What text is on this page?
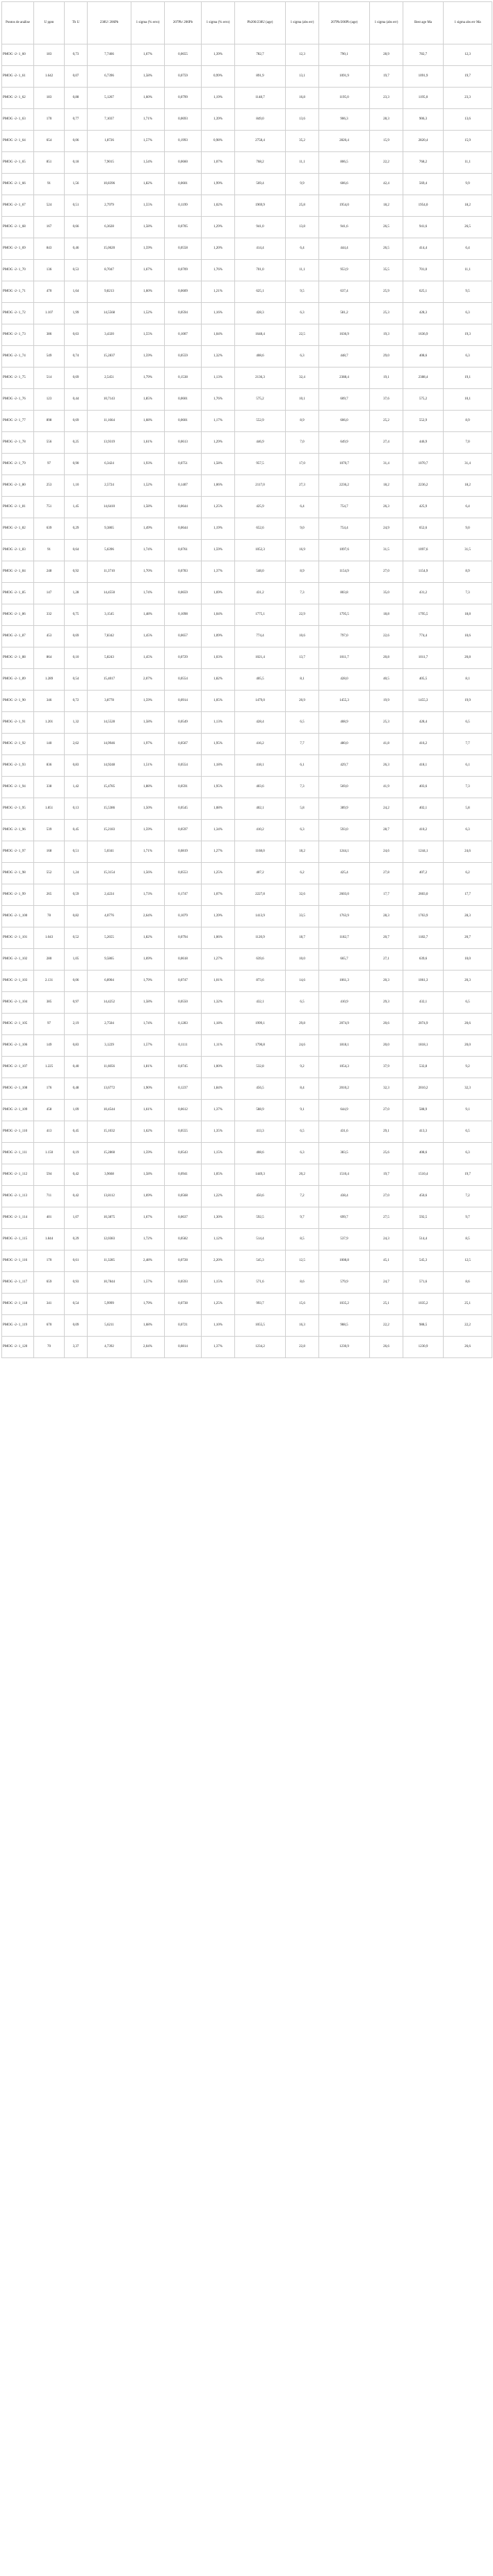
Pontos de análise	U ppm	Th U	238U/ 206Pb	1 sigma (% erro)	207Pb/ 206Pb	1 sigma (% erro)	Pb206/238U (age)	1 sigma (abs err)	207Pb/206Pb (age)	1 sigma (abs err)	Best age Ma	1 sigma abs err Ma
PMOG -2- 1_60	183	0,73	7,7466	1,67%	0,0655	1,39%	782,7	12,3	790,1	28,9	782,7	12,3
PMOG -2- 1_61	1.642	0,07	6,7396	1,58%	0,0759	0,99%	891,9	13,1	1091,9	19,7	1091,9	19,7
PMOG -2- 1_62	183	0,88	5,1267	1,60%	0,0799	1,19%	1148,7	16,8	1195,0	23,3	1195,0	23,3
PMOG -2- 1_63	170	0,77	7,1037	1,71%	0,0693	1,39%	849,0	13,6	906,3	28,3	906,3	13,6
PMOG -2- 1_64	654	0,06	1,8726	1,57%	0,1993	0,98%	2758,4	35,2	2820,4	15,9	2820,4	15,9
PMOG -2- 1_65	851	0,18	7,9015	1,54%	0,0660	1,07%	768,2	11,1	806,5	22,2	768,2	11,1
PMOG -2- 1_66	91	1,56	10,8396	1,82%	0,0601	1,99%	569,4	9,9	606,6	42,4	569,4	9,9
PMOG -2- 1_67	524	0,51	2,7979	1,55%	0,1199	1,02%	1969,9	25,8	1954,0	18,2	1954,0	18,2
PMOG -2- 1_68	167	0,66	6,3628	1,58%	0,0705	1,29%	941,0	13,8	941,6	26,5	941,6	26,5
PMOG -2- 1_69	843	0,46	15,0620	1,59%	0,0558	1,20%	414,4	6,4	444,4	26,5	414,4	6,4
PMOG -2- 1_70	136	0,53	8,7047	1,67%	0,0709	1,76%	701,0	11,1	953,9	35,5	701,0	11,1
PMOG -2- 1_71	470	1,64	9,8213	1,60%	0,0609	1,21%	625,1	9,5	637,4	25,9	625,1	9,5
PMOG -2- 1_72	1.107	1,99	14,5568	1,52%	0,0594	1,16%	428,3	6,3	581,2	25,3	428,3	6,3
PMOG -2- 1_73	386	0,63	3,4320	1,55%	0,1007	1,04%	1648,4	22,5	1636,9	19,3	1636,9	19,3
PMOG -2- 1_74	549	0,74	15,2837	1,59%	0,0559	1,32%	408,6	6,3	448,7	29,0	408,6	6,3
PMOG -2- 1_75	514	0,69	2,5451	1,79%	0,1538	1,13%	2136,3	32,4	2388,4	19,1	2388,4	19,1
PMOG -2- 1_76	123	0,44	10,7143	1,85%	0,0601	1,76%	575,2	10,1	609,7	37,6	575,2	10,1
PMOG -2- 1_77	898	0,69	11,1664	1,68%	0,0601	1,17%	552,9	8,9	606,0	25,2	552,9	8,9
PMOG -2- 1_78	556	0,25	13,9319	1,61%	0,0613	1,29%	446,9	7,0	649,9	27,4	446,9	7,0
PMOG -2- 1_79	97	0,90	6,3424	1,93%	0,0751	1,58%	957,5	17,0	1070,7	31,4	1070,7	31,4
PMOG -2- 1_80	253	1,10	2,5724	1,52%	0,1407	1,06%	2117,0	27,3	2236,2	18,2	2236,2	18,2
PMOG -2- 1_81	751	1,45	14,6410	1,58%	0,0644	1,25%	425,9	6,4	754,7	26,3	425,9	6,4
PMOG -2- 1_82	639	0,29	9,3865	1,49%	0,0644	1,19%	652,6	9,0	754,4	24,9	652,6	9,0
PMOG -2- 1_83	91	0,64	5,6396	1,74%	0,0761	1,59%	1052,3	16,9	1097,6	31,5	1097,6	31,5
PMOG -2- 1_84	248	0,92	11,3710	1,70%	0,0783	1,37%	548,0	8,9	1154,9	27,0	1154,9	8,9
PMOG -2- 1_85	147	1,28	14,4550	1,74%	0,0659	1,69%	431,2	7,3	803,8	35,0	431,2	7,3
PMOG -2- 1_86	332	0,75	3,1545	1,48%	0,1098	1,04%	1775,1	22,9	1795,5	18,8	1795,5	18,8
PMOG -2- 1_87	453	0,69	7,8342	1,45%	0,0657	1,09%	774,4	10,6	797,0	22,6	774,4	10,6
PMOG -2- 1_88	864	0,10	5,8243	1,45%	0,0729	1,03%	1021,4	13,7	1011,7	20,8	1011,7	20,8
PMOG -2- 1_89	1.289	0,54	15,4017	2,07%	0,0554	1,82%	405,5	8,1	428,0	40,5	405,5	8,1
PMOG -2- 1_90	346	0,72	3,8778	1,59%	0,0914	1,05%	1479,0	20,9	1455,3	19,9	1455,3	19,9
PMOG -2- 1_91	1.201	1,32	14,5528	1,58%	0,0549	1,13%	428,4	6,5	408,9	25,3	428,4	6,5
PMOG -2- 1_92	140	2,62	14,9946	1,97%	0,0567	1,95%	416,2	7,7	480,0	41,8	416,2	7,7
PMOG -2- 1_93	836	0,83	14,9248	1,51%	0,0554	1,18%	418,1	6,1	429,7	26,3	418,1	6,1
PMOG -2- 1_94	338	1,42	15,4785	1,88%	0,0591	1,95%	403,6	7,3	569,0	41,9	403,6	7,3
PMOG -2- 1_95	1.851	0,13	15,5386	1,50%	0,0545	1,08%	402,1	5,8	389,9	24,2	402,1	5,8
PMOG -2- 1_96	539	0,45	15,2183	1,59%	0,0597	1,34%	410,2	6,3	593,0	28,7	410,2	6,3
PMOG -2- 1_97	168	0,51	5,0341	1,71%	0,0819	1,27%	1168,0	18,2	1244,1	24,6	1244,1	24,6
PMOG -2- 1_98	552	1,24	15,3154	1,56%	0,0553	1,25%	407,2	6,2	425,4	27,8	407,2	6,2
PMOG -2- 1_99	265	0,59	2,4224	1,73%	0,1747	1,07%	2227,8	32,6	2603,0	17,7	2603,0	17,7
PMOG -2- 1_100	78	0,82	4,0776	2,64%	0,1079	1,39%	1413,9	33,5	1763,9	28,3	1763,9	28,3
PMOG -2- 1_101	1.043	0,52	5,2655	1,82%	0,0794	1,06%	1120,9	18,7	1182,7	20,7	1182,7	20,7
PMOG -2- 1_102	280	1,05	9,5865	1,69%	0,0618	1,27%	639,6	10,0	665,7	27,1	639,6	10,0
PMOG -2- 1_103	2.131	0,06	6,8904	1,79%	0,0747	1,01%	873,6	14,6	1061,3	20,3	1061,3	20,3
PMOG -2- 1_104	385	0,97	14,4252	1,58%	0,0550	1,32%	432,1	6,5	410,9	29,3	432,1	6,5
PMOG -2- 1_105	97	2,19	2,7504	1,74%	0,1283	1,18%	1999,1	29,8	2074,9	20,6	2074,9	20,6
PMOG -2- 1_106	149	0,83	3,1229	1,57%	0,1111	1,11%	1790,8	24,6	1818,1	20,0	1818,1	20,0
PMOG -2- 1_107	1.225	0,40	11,6056	1,81%	0,0745	1,00%	532,8	9,2	1054,3	37,9	532,8	9,2
PMOG -2- 1_108	176	0,48	13,6772	1,90%	0,1237	1,84%	456,5	8,4	2010,2	32,3	2010,2	32,3
PMOG -2- 1_109	458	1,09	10,4544	1,61%	0,0612	1,37%	588,9	9,1	644,9	27,0	588,9	9,1
PMOG -2- 1_110	413	0,45	15,1032	1,62%	0,0555	1,35%	413,3	6,5	431,6	29,1	413,3	6,5
PMOG -2- 1_111	1.150	0,19	15,2860	1,59%	0,0543	1,15%	408,6	6,3	383,5	25,6	408,6	6,3
PMOG -2- 1_112	594	0,42	3,9668	1,58%	0,0941	1,05%	1449,3	20,2	1510,4	19,7	1510,4	19,7
PMOG -2- 1_113	711	0,42	13,8112	1,69%	0,0568	1,22%	450,6	7,2	438,4	27,0	450,6	7,2
PMOG -2- 1_114	401	1,07	10,3875	1,67%	0,0637	1,30%	592,5	9,7	699,7	27,5	592,5	9,7
PMOG -2- 1_115	1.844	0,29	12,0383	1,72%	0,0582	1,12%	514,4	8,5	537,9	24,3	514,4	8,5
PMOG -2- 1_116	170	0,61	11,3285	2,48%	0,0728	2,20%	545,3	12,5	1008,8	45,1	545,3	12,5
PMOG -2- 1_117	659	0,93	10,7844	1,57%	0,0593	1,15%	571,6	8,6	579,9	24,7	571,6	8,6
PMOG -2- 1_118	341	0,54	5,9999	1,79%	0,0738	1,25%	993,7	15,6	1035,2	25,1	1035,2	25,1
PMOG -2- 1_119	670	0,09	5,6211	1,68%	0,0721	1,10%	1055,5	16,3	988,5	22,2	988,5	22,2
PMOG -2- 1_120	70	3,37	4,7392	2,04%	0,0814	1,37%	1234,2	22,8	1230,9	26,6	1230,9	26,6
